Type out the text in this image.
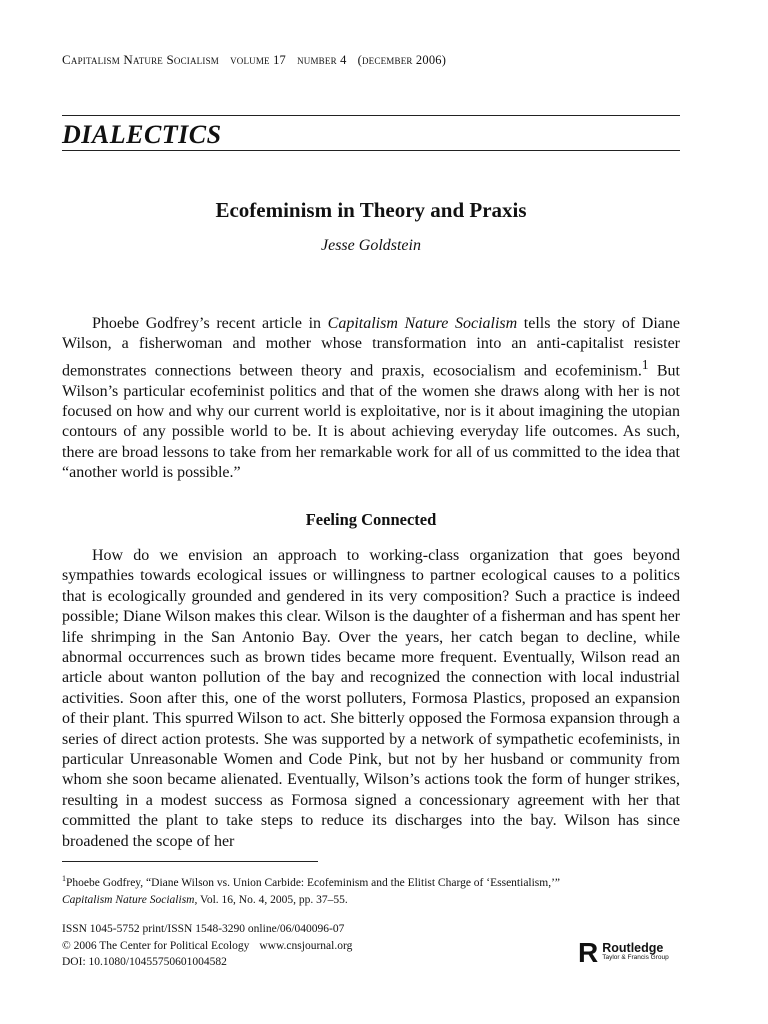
Capitalism Nature Socialism volume 17 number 4 (december 2006)
DIALECTICS
Ecofeminism in Theory and Praxis
Jesse Goldstein

Phoebe Godfrey’s recent article in Capitalism Nature Socialism tells the story of Diane Wilson, a fisherwoman and mother whose transformation into an anti-capitalist resister demonstrates connections between theory and praxis, ecosocialism and ecofeminism.$^1$ But Wilson’s particular ecofeminist politics and that of the women she draws along with her is not focused on how and why our current world is exploitative, nor is it about imagining the utopian contours of any possible world to be. It is about achieving everyday life outcomes. As such, there are broad lessons to take from her remarkable work for all of us committed to the idea that “another world is possible.”

Feeling Connected

How do we envision an approach to working-class organization that goes beyond sympathies towards ecological issues or willingness to partner ecological causes to a politics that is ecologically grounded and gendered in its very composition? Such a practice is indeed possible; Diane Wilson makes this clear. Wilson is the daughter of a fisherman and has spent her life shrimping in the San Antonio Bay. Over the years, her catch began to decline, while abnormal occurrences such as brown tides became more frequent. Eventually, Wilson read an article about wanton pollution of the bay and recognized the connection with local industrial activities. Soon after this, one of the worst polluters, Formosa Plastics, proposed an expansion of their plant. This spurred Wilson to act. She bitterly opposed the Formosa expansion through a series of direct action protests. She was supported by a network of sympathetic ecofeminists, in particular Unreasonable Women and Code Pink, but not by her husband or community from whom she soon became alienated. Eventually, Wilson’s actions took the form of hunger strikes, resulting in a modest success as Formosa signed a concessionary agreement with her that committed the plant to take steps to reduce its discharges into the bay. Wilson has since broadened the scope of her

$^1$Phoebe Godfrey, “Diane Wilson vs. Union Carbide: Ecofeminism and the Elitist Charge of ‘Essentialism,’”
Capitalism Nature Socialism, Vol. 16, No. 4, 2005, pp. 37–55.
ISSN 1045-5752 print/ISSN 1548-3290 online/06/040096-07
© 2006 The Center for Political Ecology www.cnsjournal.org
DOI: 10.1080/10455750601004582	R Routledge
Taylor & Francis Group
